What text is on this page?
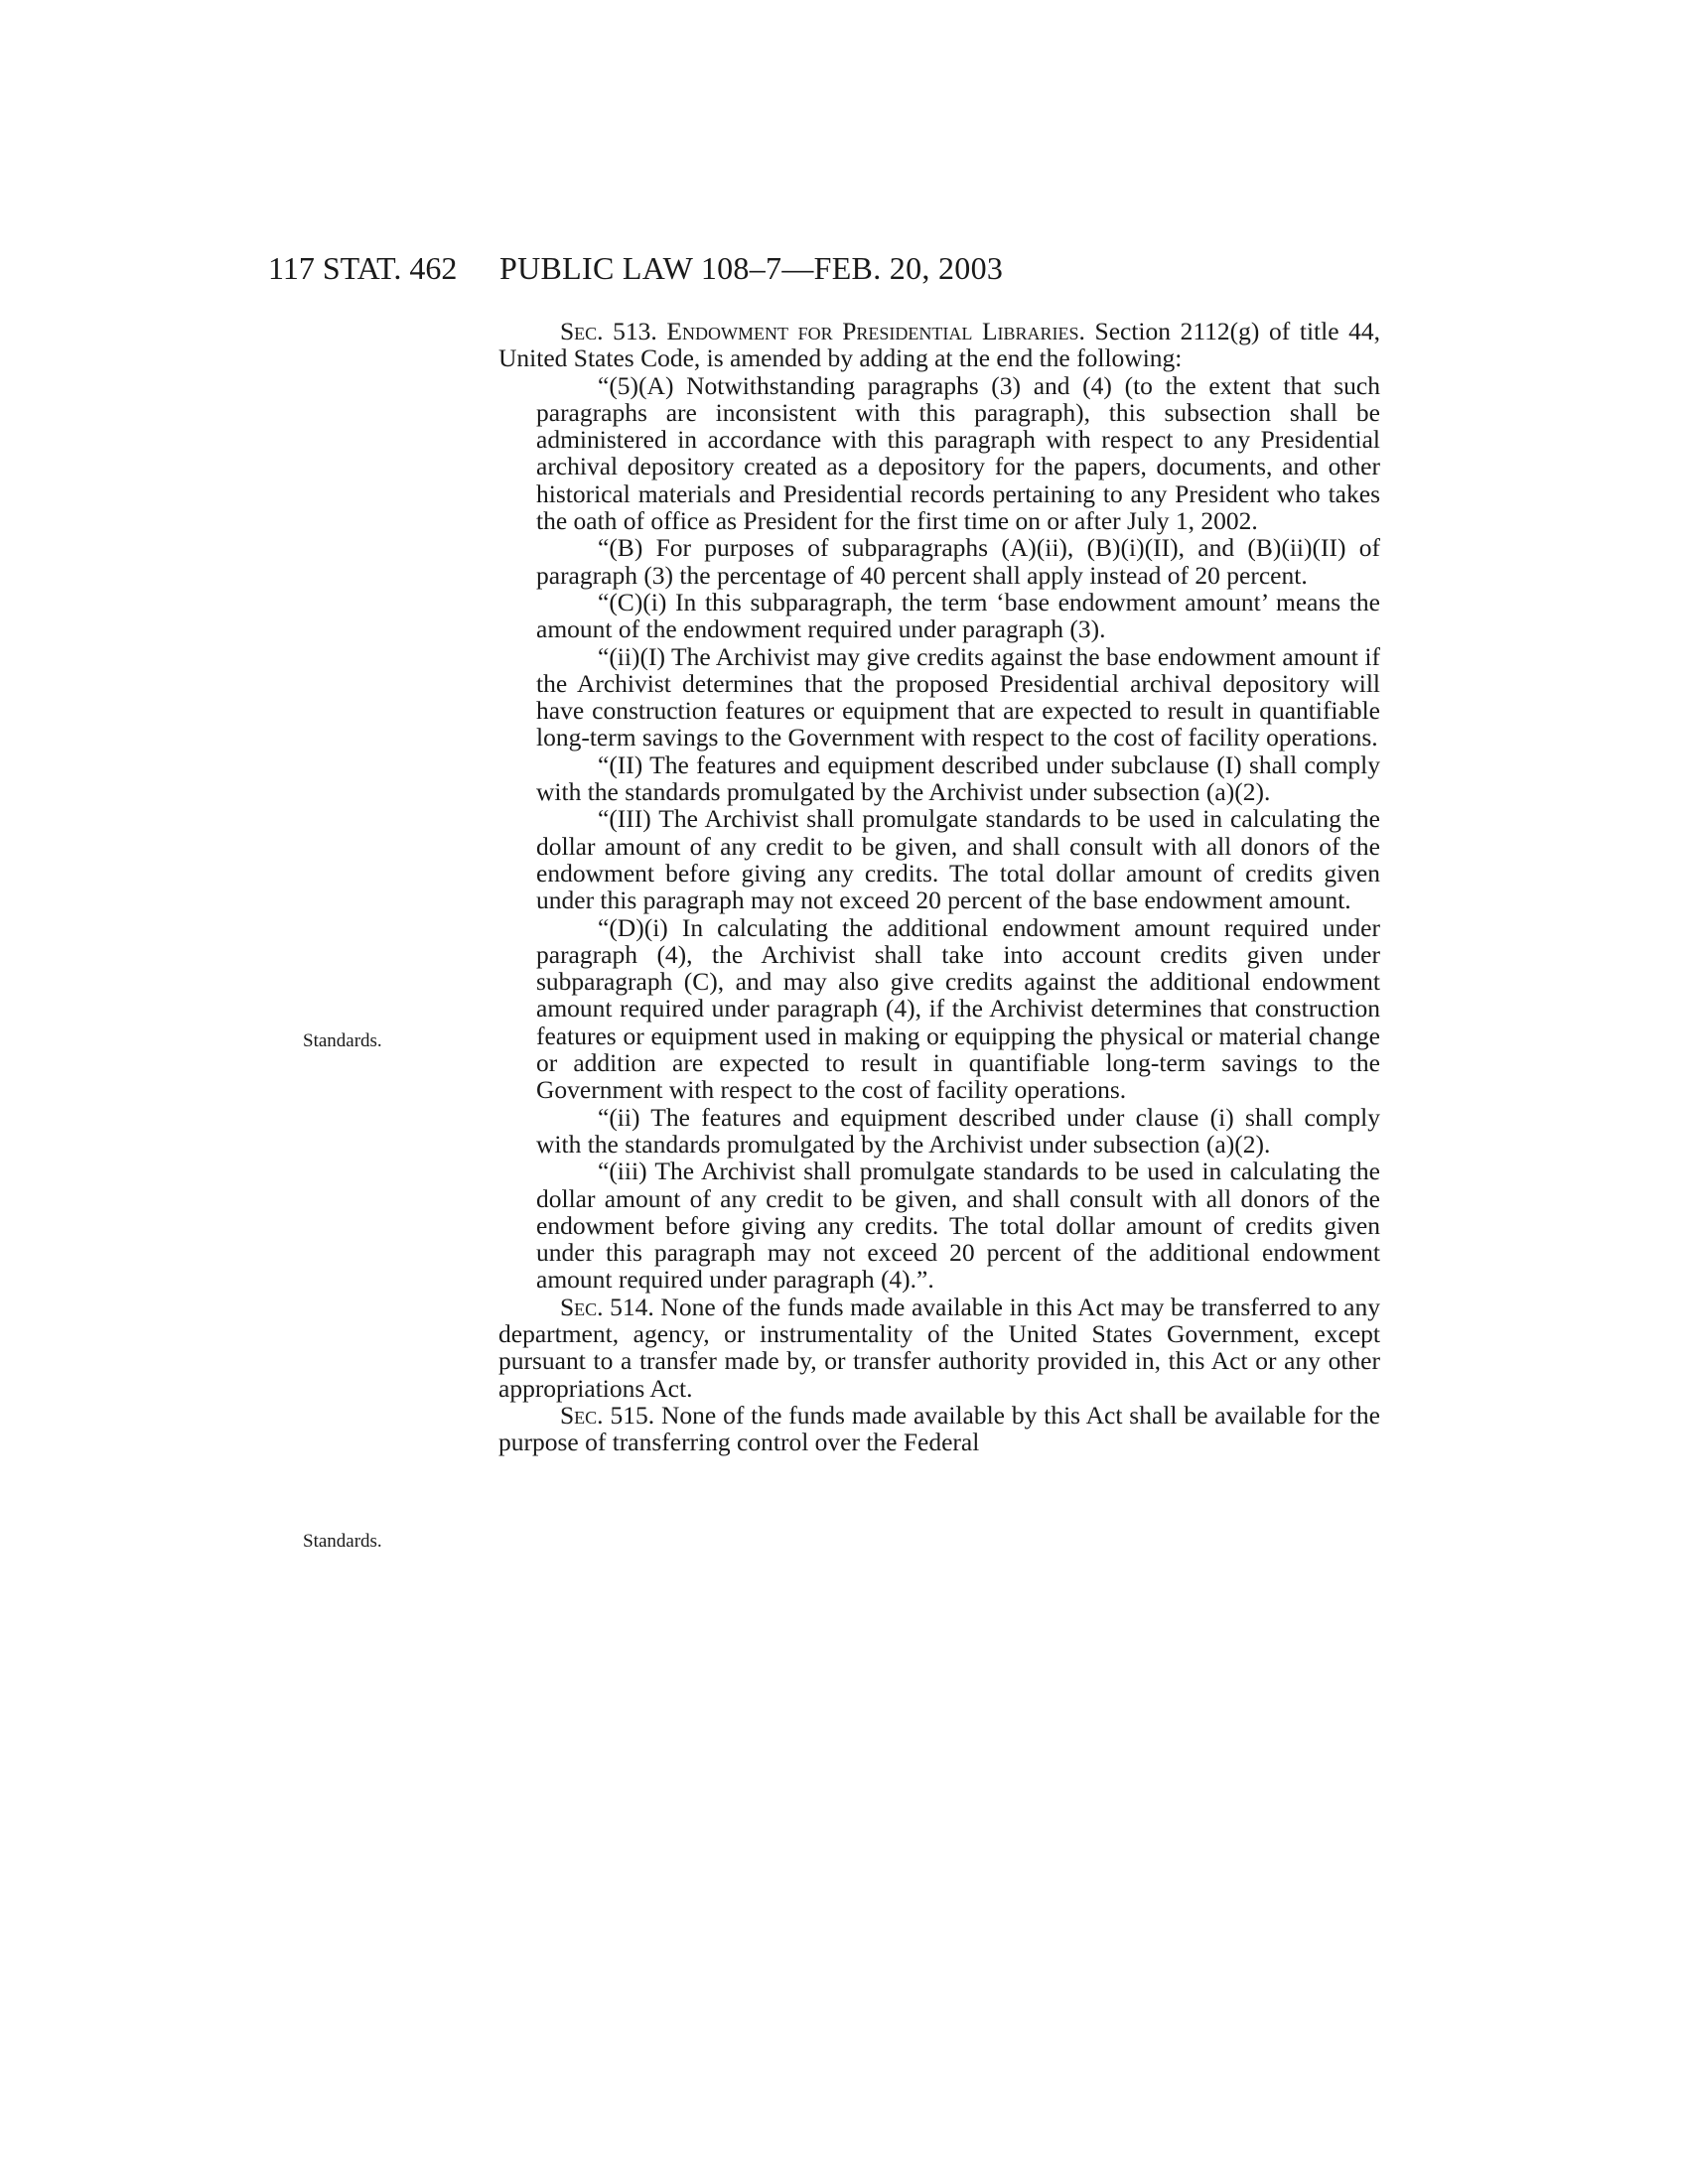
117 STAT. 462 PUBLIC LAW 108–7—FEB. 20, 2003
Standards.
Standards.

Sec. 513. Endowment for Presidential Libraries. Section 2112(g) of title 44, United States Code, is amended by adding at the end the following:

“(5)(A) Notwithstanding paragraphs (3) and (4) (to the extent that such paragraphs are inconsistent with this paragraph), this subsection shall be administered in accordance with this paragraph with respect to any Presidential archival depository created as a depository for the papers, documents, and other historical materials and Presidential records pertaining to any President who takes the oath of office as President for the first time on or after July 1, 2002.

“(B) For purposes of subparagraphs (A)(ii), (B)(i)(II), and (B)(ii)(II) of paragraph (3) the percentage of 40 percent shall apply instead of 20 percent.

“(C)(i) In this subparagraph, the term ‘base endowment amount’ means the amount of the endowment required under paragraph (3).

“(ii)(I) The Archivist may give credits against the base endowment amount if the Archivist determines that the proposed Presidential archival depository will have construction features or equipment that are expected to result in quantifiable long-term savings to the Government with respect to the cost of facility operations.

“(II) The features and equipment described under subclause (I) shall comply with the standards promulgated by the Archivist under subsection (a)(2).

“(III) The Archivist shall promulgate standards to be used in calculating the dollar amount of any credit to be given, and shall consult with all donors of the endowment before giving any credits. The total dollar amount of credits given under this paragraph may not exceed 20 percent of the base endowment amount.

“(D)(i) In calculating the additional endowment amount required under paragraph (4), the Archivist shall take into account credits given under subparagraph (C), and may also give credits against the additional endowment amount required under paragraph (4), if the Archivist determines that construction features or equipment used in making or equipping the physical or material change or addition are expected to result in quantifiable long-term savings to the Government with respect to the cost of facility operations.

“(ii) The features and equipment described under clause (i) shall comply with the standards promulgated by the Archivist under subsection (a)(2).

“(iii) The Archivist shall promulgate standards to be used in calculating the dollar amount of any credit to be given, and shall consult with all donors of the endowment before giving any credits. The total dollar amount of credits given under this paragraph may not exceed 20 percent of the additional endowment amount required under paragraph (4).”.

Sec. 514. None of the funds made available in this Act may be transferred to any department, agency, or instrumentality of the United States Government, except pursuant to a transfer made by, or transfer authority provided in, this Act or any other appropriations Act.

Sec. 515. None of the funds made available by this Act shall be available for the purpose of transferring control over the Federal
